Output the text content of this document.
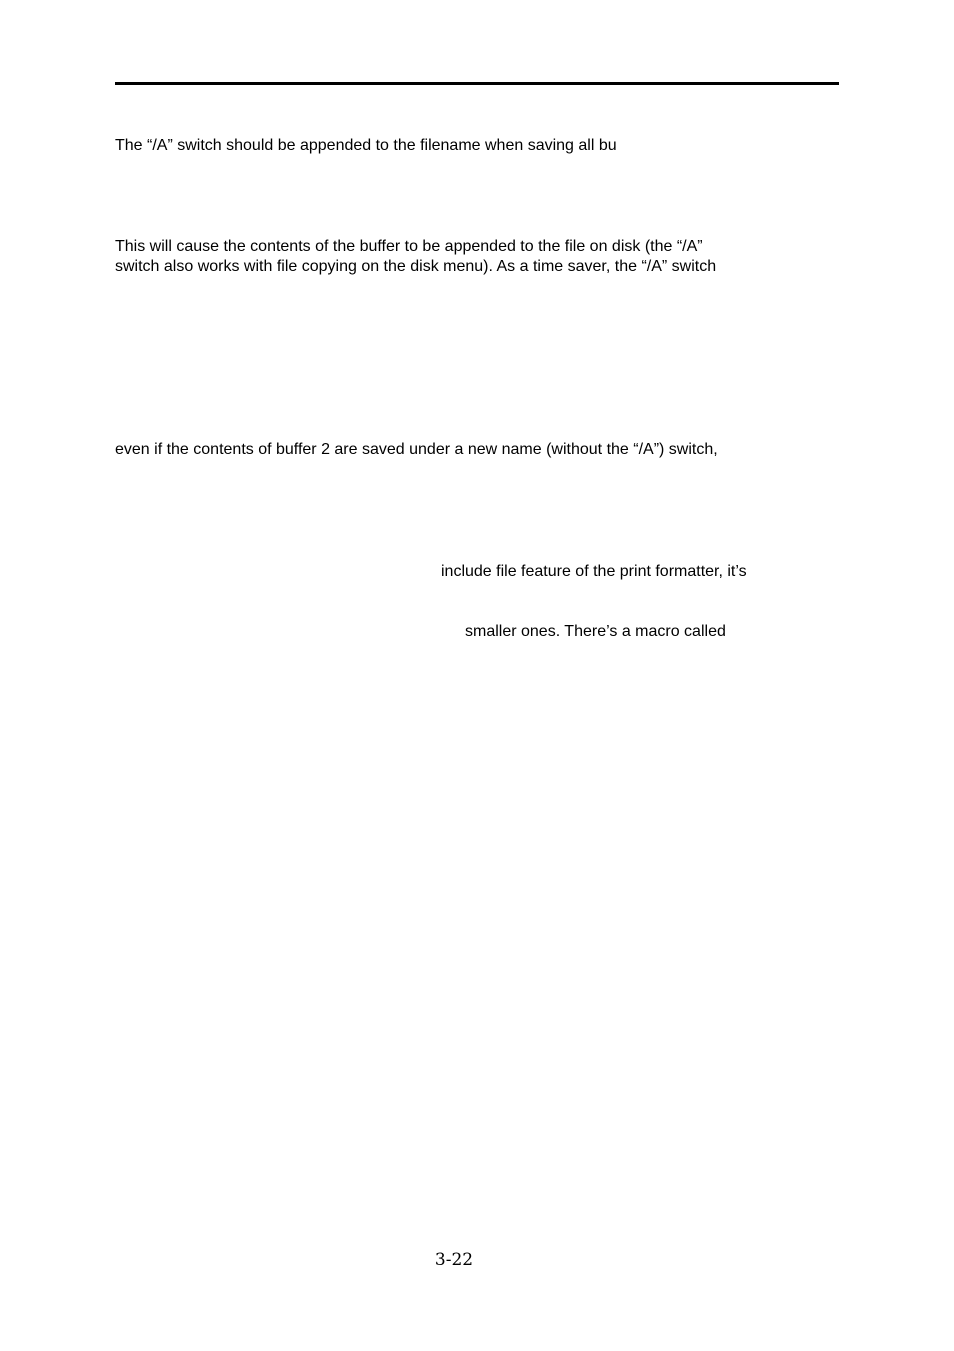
The “/A” switch should be appended to the filename when saving all bu
This will cause the contents of the buffer to be appended to the file on disk (the “/A”
switch also works with file copying on the disk menu). As a time saver, the “/A” switch
even if the contents of buffer 2 are saved under a new name (without the “/A”) switch,
include file feature of the print formatter, it’s
smaller ones. There’s a macro called
3-22
